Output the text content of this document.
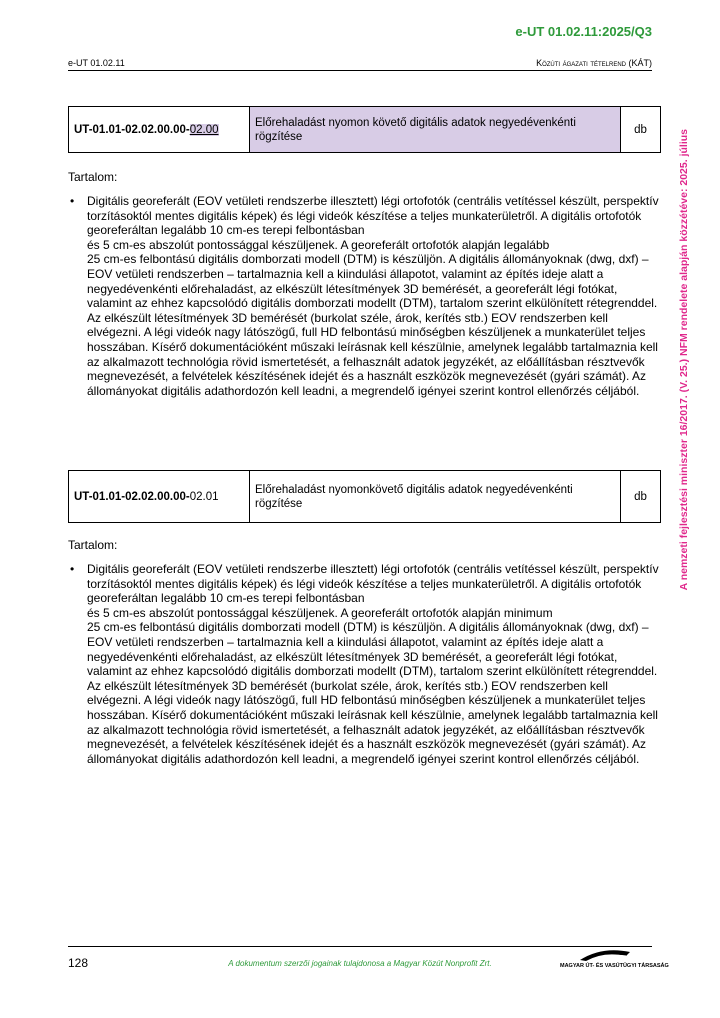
e-UT 01.02.11:2025/Q3
e-UT 01.02.11	Közúti ágazati tételrend (KÁT)
A nemzeti fejlesztési miniszter 16/2017. (V. 25.) NFM rendelete alapján közzétéve: 2025. július
UT-01.01-02.02.00.00-02.00	Előrehaladást nyomon követő digitális adatok negyedévenkénti rögzítése	db
Tartalom:
• Digitális georeferált (EOV vetületi rendszerbe illesztett) légi ortofotók (centrális vetítéssel készült, perspektív torzításoktól mentes digitális képek) és légi videók készítése a teljes munkaterületről. A digitális ortofotók georeferáltan legalább 10 cm-es terepi felbontásban

és 5 cm-es abszolút pontossággal készüljenek. A georeferált ortofotók alapján legalább

25 cm-es felbontású digitális domborzati modell (DTM) is készüljön. A digitális állományoknak (dwg, dxf) – EOV vetületi rendszerben – tartalmaznia kell a kiindulási állapotot, valamint az építés ideje alatt a negyedévenkénti előrehaladást, az elkészült létesítmények 3D bemérését, a georeferált légi fotókat, valamint az ehhez kapcsolódó digitális domborzati modellt (DTM), tartalom szerint elkülönített rétegrenddel. Az elkészült létesítmények 3D bemérését (burkolat széle, árok, kerítés stb.) EOV rendszerben kell elvégezni. A légi videók nagy látószögű, full HD felbontású minőségben készüljenek a munkaterület teljes hosszában. Kísérő dokumentációként műszaki leírásnak kell készülnie, amelynek legalább tartalmaznia kell az alkalmazott technológia rövid ismertetését, a felhasznált adatok jegyzékét, az előállításban résztvevők megnevezését, a felvételek készítésének idejét és a használt eszközök megnevezését (gyári számát). Az állományokat digitális adathordozón kell leadni, a megrendelő igényei szerint kontrol ellenőrzés céljából.

UT-01.01-02.02.00.00-02.01	Előrehaladást nyomonkövető digitális adatok negyedévenkénti rögzítése	db
Tartalom:
• Digitális georeferált (EOV vetületi rendszerbe illesztett) légi ortofotók (centrális vetítéssel készült, perspektív torzításoktól mentes digitális képek) és légi videók készítése a teljes munkaterületről. A digitális ortofotók georeferáltan legalább 10 cm-es terepi felbontásban

és 5 cm-es abszolút pontossággal készüljenek. A georeferált ortofotók alapján minimum

25 cm-es felbontású digitális domborzati modell (DTM) is készüljön. A digitális állományoknak (dwg, dxf) – EOV vetületi rendszerben – tartalmaznia kell a kiindulási állapotot, valamint az építés ideje alatt a negyedévenkénti előrehaladást, az elkészült létesítmények 3D bemérését, a georeferált légi fotókat, valamint az ehhez kapcsolódó digitális domborzati modellt (DTM), tartalom szerint elkülönített rétegrenddel. Az elkészült létesítmények 3D bemérését (burkolat széle, árok, kerítés stb.) EOV rendszerben kell elvégezni. A légi videók nagy látószögű, full HD felbontású minőségben készüljenek a munkaterület teljes hosszában. Kísérő dokumentációként műszaki leírásnak kell készülnie, amelynek legalább tartalmaznia kell az alkalmazott technológia rövid ismertetését, a felhasznált adatok jegyzékét, az előállításban résztvevők megnevezését, a felvételek készítésének idejét és a használt eszközök megnevezését (gyári számát). Az állományokat digitális adathordozón kell leadni, a megrendelő igényei szerint kontrol ellenőrzés céljából.

128	A dokumentum szerzői jogainak tulajdonosa a Magyar Közút Nonprofit Zrt.	MAGYAR ÚT- ÉS VASÚTÜGYI TÁRSASÁG
